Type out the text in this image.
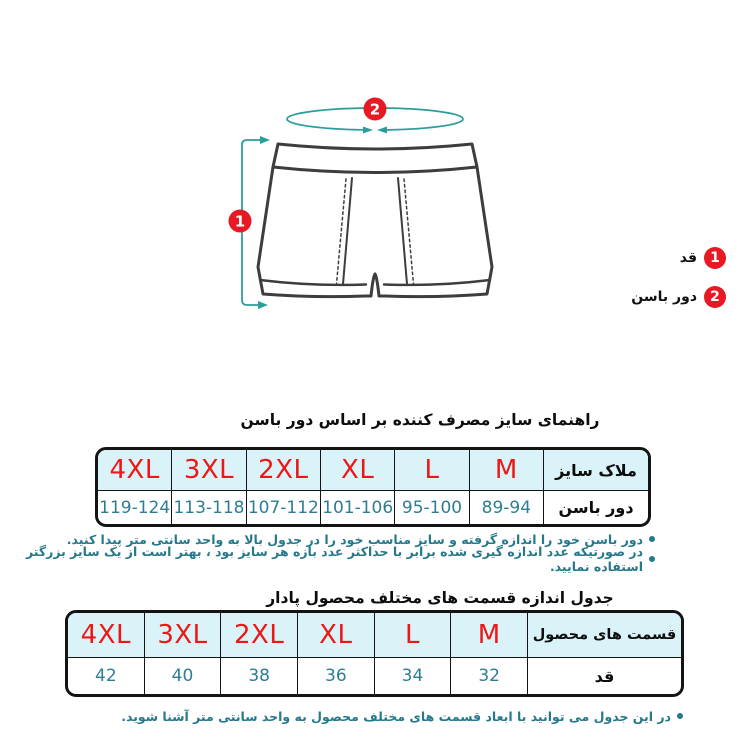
1
2
قد 1
دور باسن 2
راهنمای سایز مصرف کننده بر اساس دور باسن
4XL 3XL 2XL	XL	L	M	ملاک سایز
119-124 113-118 107-112 101-106 95-100	89-94	دور باسن
دور باسن خود را اندازه گرفته و سایز مناسب خود را در جدول بالا به واحد سانتی متر پیدا کنید.
در صورتیکه عدد اندازه گیری شده برابر با حداکثر عدد بازه هر سایز بود ، بهتر است از یک سایز بزرگتر استفاده نمایید.
جدول اندازه قسمت های مختلف محصول پادار
4XL	3XL	2XL	XL	L	M	قسمت های محصول
42	40	38	36	34	32	قد
در این جدول می توانید با ابعاد قسمت های مختلف محصول به واحد سانتی متر آشنا شوید.
